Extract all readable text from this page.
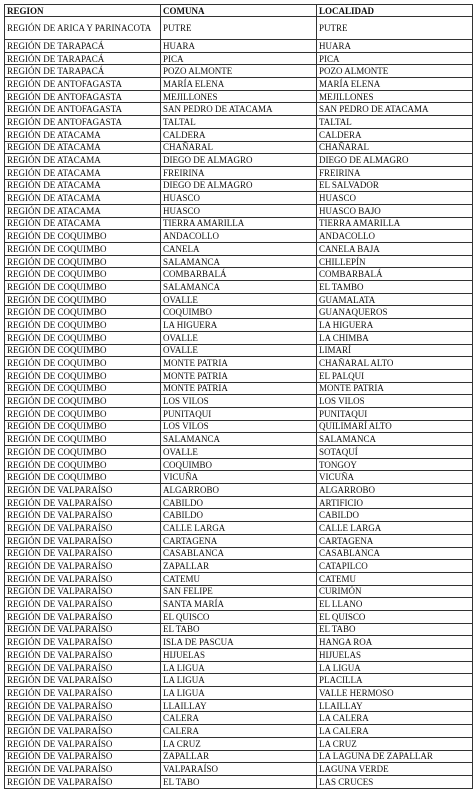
REGION	COMUNA	LOCALIDAD
REGIÓN DE ARICA Y PARINACOTA	PUTRE	PUTRE
REGIÓN DE TARAPACÁ	HUARA	HUARA
REGIÓN DE TARAPACÁ	PICA	PICA
REGIÓN DE TARAPACÁ	POZO ALMONTE	POZO ALMONTE
REGIÓN DE ANTOFAGASTA	MARÍA ELENA	MARÍA ELENA
REGIÓN DE ANTOFAGASTA	MEJILLONES	MEJILLONES
REGIÓN DE ANTOFAGASTA	SAN PEDRO DE ATACAMA	SAN PEDRO DE ATACAMA
REGIÓN DE ANTOFAGASTA	TALTAL	TALTAL
REGIÓN DE ATACAMA	CALDERA	CALDERA
REGIÓN DE ATACAMA	CHAÑARAL	CHAÑARAL
REGIÓN DE ATACAMA	DIEGO DE ALMAGRO	DIEGO DE ALMAGRO
REGIÓN DE ATACAMA	FREIRINA	FREIRINA
REGIÓN DE ATACAMA	DIEGO DE ALMAGRO	EL SALVADOR
REGIÓN DE ATACAMA	HUASCO	HUASCO
REGIÓN DE ATACAMA	HUASCO	HUASCO BAJO
REGIÓN DE ATACAMA	TIERRA AMARILLA	TIERRA AMARILLA
REGIÓN DE COQUIMBO	ANDACOLLO	ANDACOLLO
REGIÓN DE COQUIMBO	CANELA	CANELA BAJA
REGIÓN DE COQUIMBO	SALAMANCA	CHILLEPÍN
REGIÓN DE COQUIMBO	COMBARBALÁ	COMBARBALÁ
REGIÓN DE COQUIMBO	SALAMANCA	EL TAMBO
REGIÓN DE COQUIMBO	OVALLE	GUAMALATA
REGIÓN DE COQUIMBO	COQUIMBO	GUANAQUEROS
REGIÓN DE COQUIMBO	LA HIGUERA	LA HIGUERA
REGIÓN DE COQUIMBO	OVALLE	LA CHIMBA
REGIÓN DE COQUIMBO	OVALLE	LIMARÍ
REGIÓN DE COQUIMBO	MONTE PATRIA	CHAÑARAL ALTO
REGIÓN DE COQUIMBO	MONTE PATRIA	EL PALQUI
REGIÓN DE COQUIMBO	MONTE PATRIA	MONTE PATRIA
REGIÓN DE COQUIMBO	LOS VILOS	LOS VILOS
REGIÓN DE COQUIMBO	PUNITAQUI	PUNITAQUI
REGIÓN DE COQUIMBO	LOS VILOS	QUILIMARÍ ALTO
REGIÓN DE COQUIMBO	SALAMANCA	SALAMANCA
REGIÓN DE COQUIMBO	OVALLE	SOTAQUÍ
REGIÓN DE COQUIMBO	COQUIMBO	TONGOY
REGIÓN DE COQUIMBO	VICUÑA	VICUÑA
REGIÓN DE VALPARAÍSO	ALGARROBO	ALGARROBO
REGIÓN DE VALPARAÍSO	CABILDO	ARTIFICIO
REGIÓN DE VALPARAÍSO	CABILDO	CABILDO
REGIÓN DE VALPARAÍSO	CALLE LARGA	CALLE LARGA
REGIÓN DE VALPARAÍSO	CARTAGENA	CARTAGENA
REGIÓN DE VALPARAÍSO	CASABLANCA	CASABLANCA
REGIÓN DE VALPARAÍSO	ZAPALLAR	CATAPILCO
REGIÓN DE VALPARAÍSO	CATEMU	CATEMU
REGIÓN DE VALPARAÍSO	SAN FELIPE	CURIMÓN
REGIÓN DE VALPARAÍSO	SANTA MARÍA	EL LLANO
REGIÓN DE VALPARAÍSO	EL QUISCO	EL QUISCO
REGIÓN DE VALPARAÍSO	EL TABO	EL TABO
REGIÓN DE VALPARAÍSO	ISLA DE PASCUA	HANGA ROA
REGIÓN DE VALPARAÍSO	HIJUELAS	HIJUELAS
REGIÓN DE VALPARAÍSO	LA LIGUA	LA LIGUA
REGIÓN DE VALPARAÍSO	LA LIGUA	PLACILLA
REGIÓN DE VALPARAÍSO	LA LIGUA	VALLE HERMOSO
REGIÓN DE VALPARAÍSO	LLAILLAY	LLAILLAY
REGIÓN DE VALPARAÍSO	CALERA	LA CALERA
REGIÓN DE VALPARAÍSO	CALERA	LA CALERA
REGIÓN DE VALPARAÍSO	LA CRUZ	LA CRUZ
REGIÓN DE VALPARAÍSO	ZAPALLAR	LA LAGUNA DE ZAPALLAR
REGIÓN DE VALPARAÍSO	VALPARAÍSO	LAGUNA VERDE
REGIÓN DE VALPARAÍSO	EL TABO	LAS CRUCES
